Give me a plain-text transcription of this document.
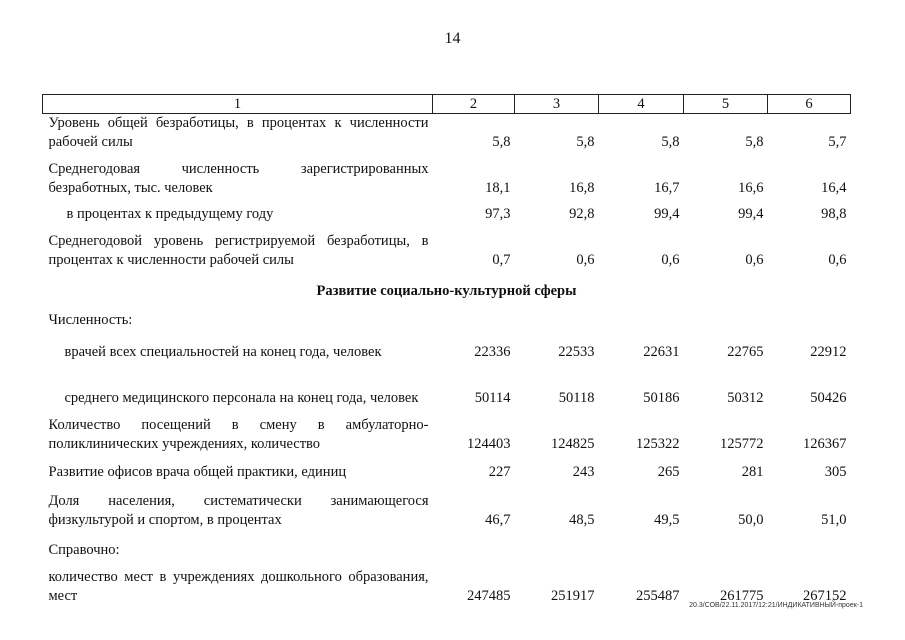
14
1	2	3	4	5	6
Уровень общей безработицы, в процентах к численности рабочей силы	5,8	5,8	5,8	5,8	5,7
Среднегодовая численность зарегистрированных безработных, тыс. человек	18,1	16,8	16,7	16,6	16,4
в процентах к предыдущему году	97,3	92,8	99,4	99,4	98,8
Среднегодовой уровень регистрируемой безработицы, в процентах к численности рабочей силы	0,7	0,6	0,6	0,6	0,6
Развитие социально-культурной сферы					
Численность:					
врачей всех специальностей на конец года, человек	22336	22533	22631	22765	22912
среднего медицинского персонала на конец года, человек	50114	50118	50186	50312	50426
Количество посещений в смену в амбулаторно-поликлинических учреждениях, количество	124403	124825	125322	125772	126367
Развитие офисов врача общей практики, единиц	227	243	265	281	305
Доля населения, систематически занимающегося физкультурой и спортом, в процентах	46,7	48,5	49,5	50,0	51,0
Справочно:					
количество мест в учреждениях дошкольного образования, мест	247485	251917	255487	261775	267152
20.3/СОВ/22.11.2017/12:21/ИНДИКАТИВНЫЙ-проек-1
